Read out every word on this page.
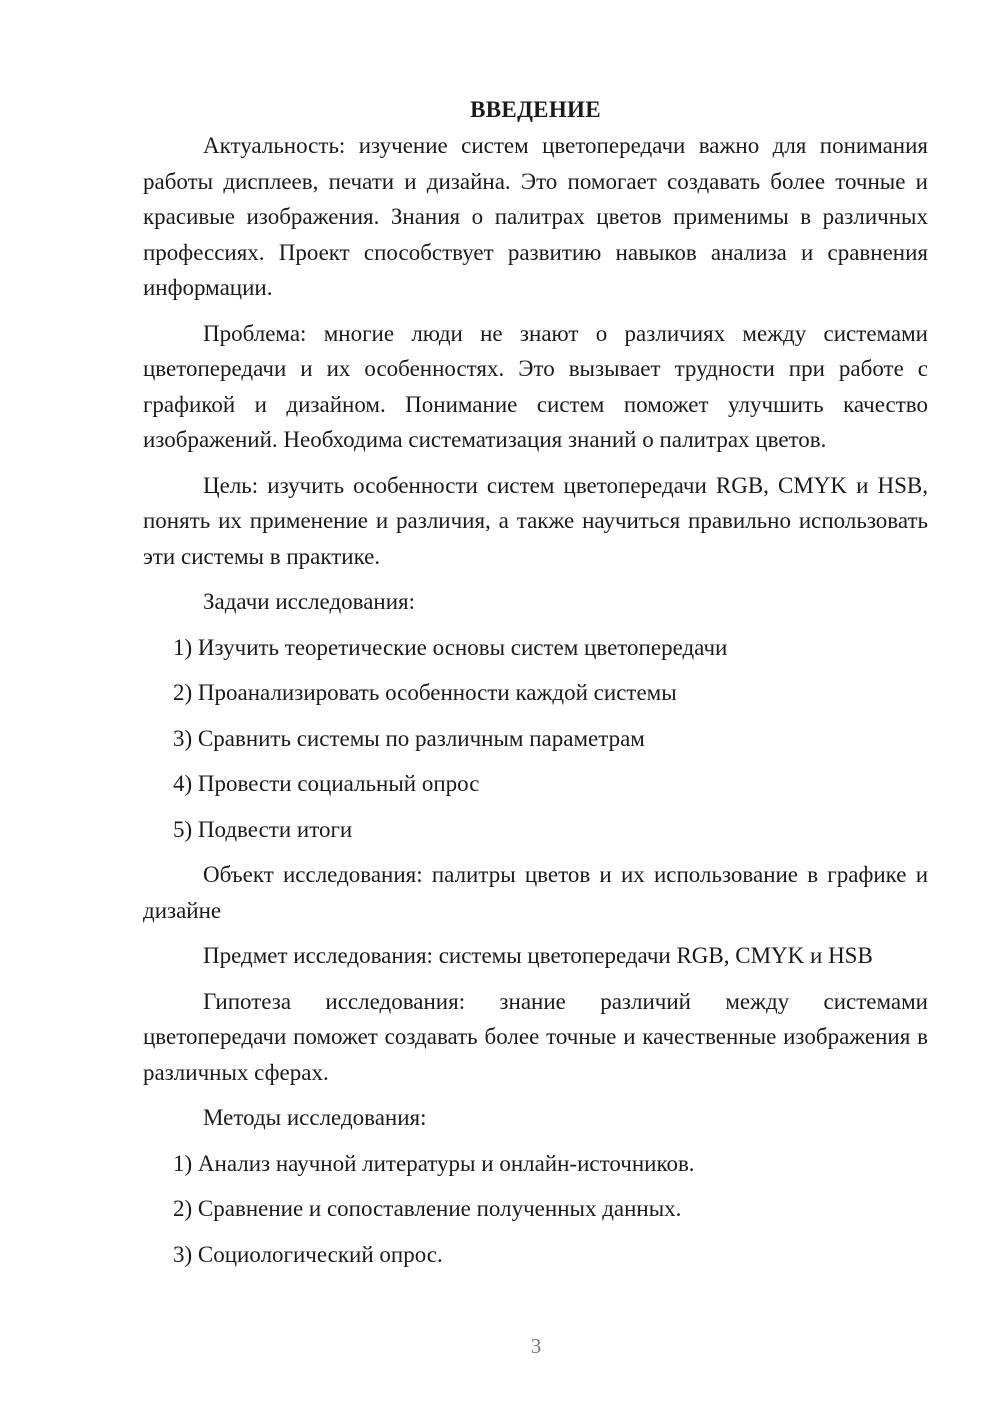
ВВЕДЕНИЕ

Актуальность: изучение систем цветопередачи важно для понимания работы дисплеев, печати и дизайна. Это помогает создавать более точные и красивые изображения. Знания о палитрах цветов применимы в различных профессиях. Проект способствует развитию навыков анализа и сравнения информации.

Проблема: многие люди не знают о различиях между системами цветопередачи и их особенностях. Это вызывает трудности при работе с графикой и дизайном. Понимание систем поможет улучшить качество изображений. Необходима систематизация знаний о палитрах цветов.

Цель: изучить особенности систем цветопередачи RGB, CMYK и HSB, понять их применение и различия, а также научиться правильно использовать эти системы в практике.

Задачи исследования:

1) Изучить теоретические основы систем цветопередачи

2) Проанализировать особенности каждой системы

3) Сравнить системы по различным параметрам

4) Провести социальный опрос

5) Подвести итоги

Объект исследования: палитры цветов и их использование в графике и дизайне

Предмет исследования: системы цветопередачи RGB, CMYK и HSB

Гипотеза исследования: знание различий между системами цветопередачи поможет создавать более точные и качественные изображения в различных сферах.

Методы исследования:

1) Анализ научной литературы и онлайн-источников.

2) Сравнение и сопоставление полученных данных.

3) Социологический опрос.

3
